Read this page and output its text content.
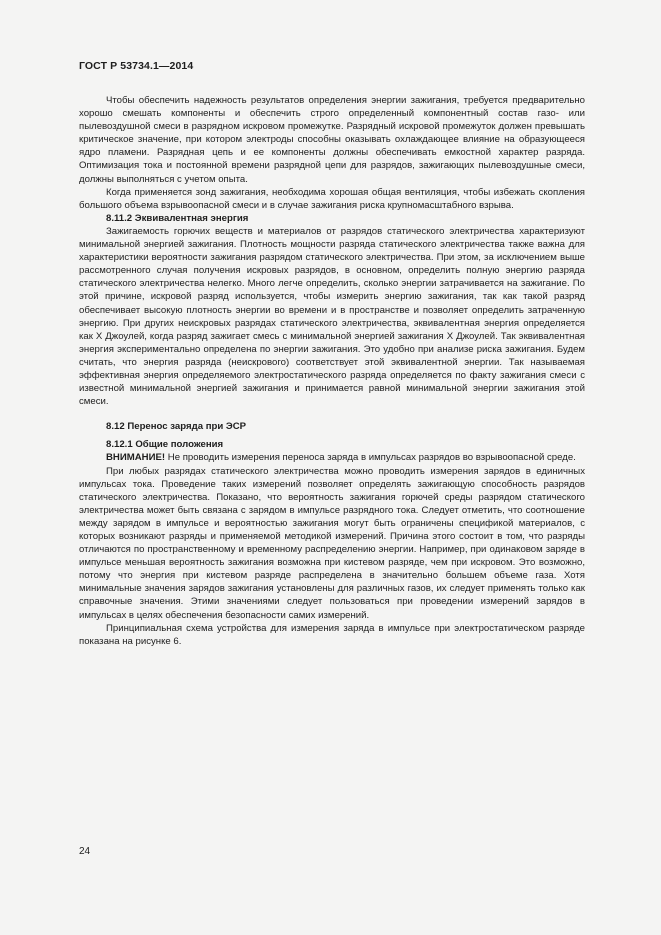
ГОСТ Р 53734.1—2014

Чтобы обеспечить надежность результатов определения энергии зажигания, требуется предварительно хорошо смешать компоненты и обеспечить строго определенный компонентный состав газо- или пылевоздушной смеси в разрядном искровом промежутке. Разрядный искровой промежуток должен превышать критическое значение, при котором электроды способны оказывать охлаждающее влияние на образующееся ядро пламени. Разрядная цепь и ее компоненты должны обеспечивать емкостной характер разряда. Оптимизация тока и постоянной времени разрядной цепи для разрядов, зажигающих пылевоздушные смеси, должны выполняться с учетом опыта.

Когда применяется зонд зажигания, необходима хорошая общая вентиляция, чтобы избежать скопления большого объема взрывоопасной смеси и в случае зажигания риска крупномасштабного взрыва.

8.11.2 Эквивалентная энергия

Зажигаемость горючих веществ и материалов от разрядов статического электричества характеризуют минимальной энергией зажигания. Плотность мощности разряда статического электричества также важна для характеристики вероятности зажигания разрядом статического электричества. При этом, за исключением выше рассмотренного случая получения искровых разрядов, в основном, определить полную энергию разряда статического электричества нелегко. Много легче определить, сколько энергии затрачивается на зажигание. По этой причине, искровой разряд используется, чтобы измерить энергию зажигания, так как такой разряд обеспечивает высокую плотность энергии во времени и в пространстве и позволяет определить затраченную энергию. При других неискровых разрядах статического электричества, эквивалентная энергия определяется как Х Джоулей, когда разряд зажигает смесь с минимальной энергией зажигания Х Джоулей. Так эквивалентная энергия экспериментально определена по энергии зажигания. Это удобно при анализе риска зажигания. Будем считать, что энергия разряда (неискрового) соответствует этой эквивалентной энергии. Так называемая эффективная энергия определяемого электростатического разряда определяется по факту зажигания смеси с известной минимальной энергией зажигания и принимается равной минимальной энергии зажигания этой смеси.

8.12 Перенос заряда при ЭСР

8.12.1 Общие положения

ВНИМАНИЕ! Не проводить измерения переноса заряда в импульсах разрядов во взрывоопасной среде.

При любых разрядах статического электричества можно проводить измерения зарядов в единичных импульсах тока. Проведение таких измерений позволяет определять зажигающую способность разрядов статического электричества. Показано, что вероятность зажигания горючей среды разрядом статического электричества может быть связана с зарядом в импульсе разрядного тока. Следует отметить, что соотношение между зарядом в импульсе и вероятностью зажигания могут быть ограничены спецификой материалов, с которых возникают разряды и применяемой методикой измерений. Причина этого состоит в том, что разряды отличаются по пространственному и временному распределению энергии. Например, при одинаковом заряде в импульсе меньшая вероятность зажигания возможна при кистевом разряде, чем при искровом. Это возможно, потому что энергия при кистевом разряде распределена в значительно большем объеме газа. Хотя минимальные значения зарядов зажигания установлены для различных газов, их следует применять только как справочные значения. Этими значениями следует пользоваться при проведении измерений зарядов в импульсах в целях обеспечения безопасности самих измерений.

Принципиальная схема устройства для измерения заряда в импульсе при электростатическом разряде показана на рисунке 6.

24
